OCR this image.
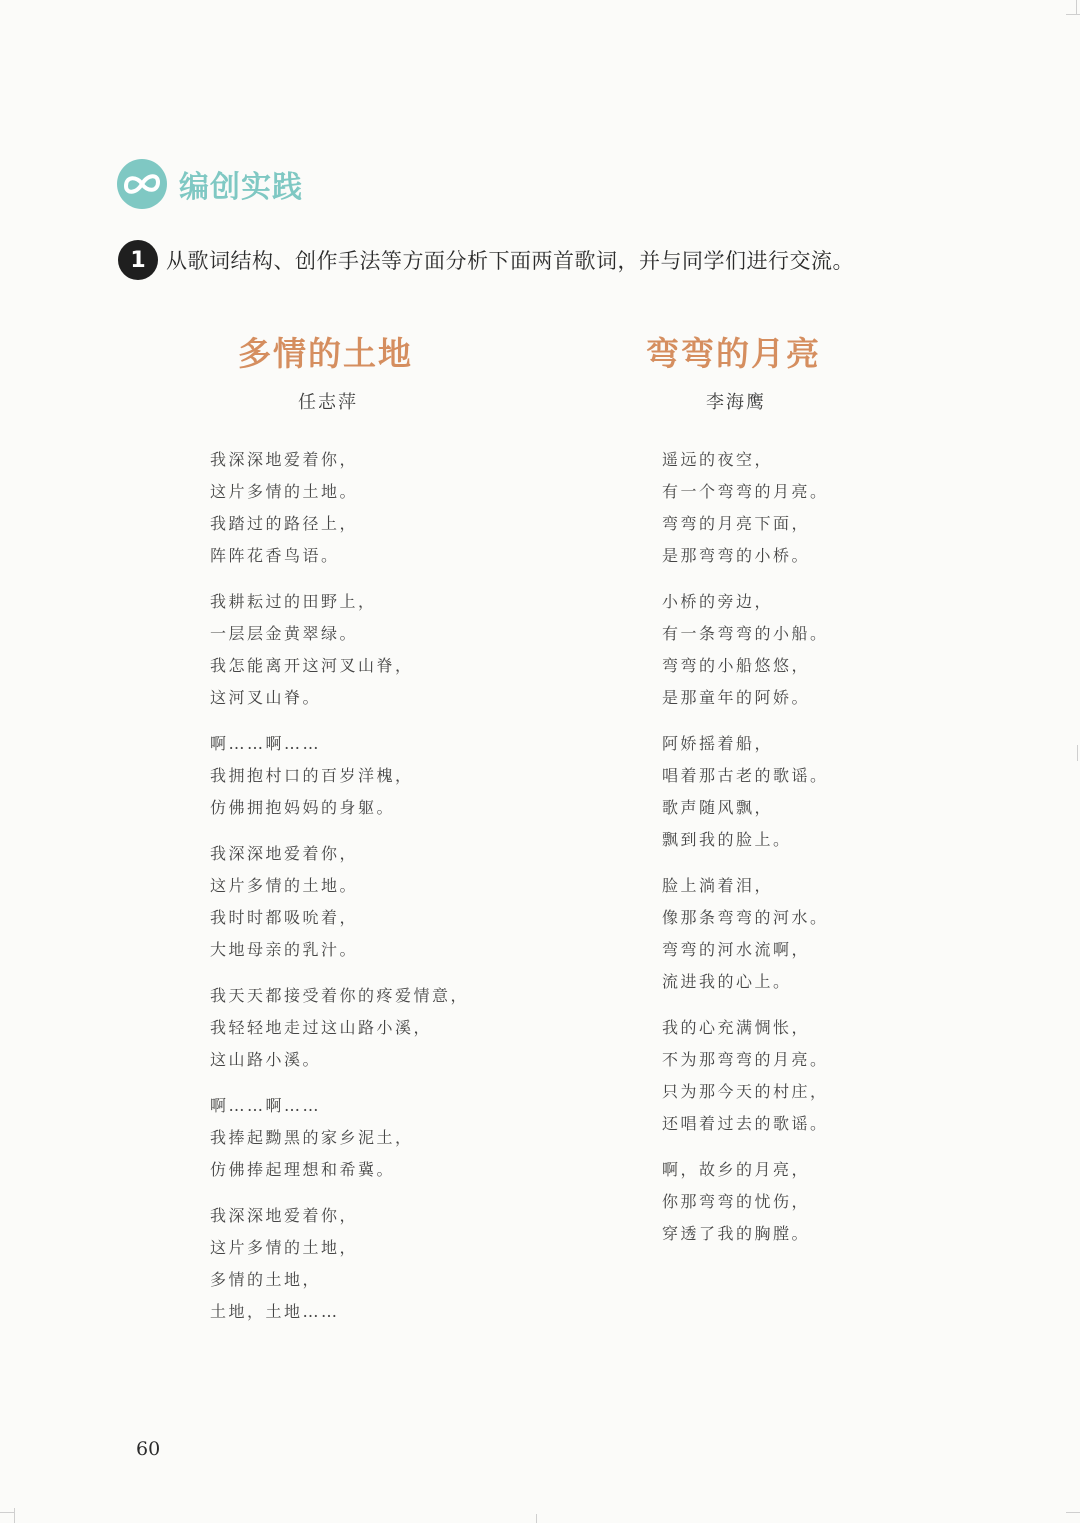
编创实践
1 从歌词结构、创作手法等方面分析下面两首歌词，并与同学们进行交流。
多情的土地
任志萍
我深深地爱着你，
这片多情的土地。
我踏过的路径上，
阵阵花香鸟语。
我耕耘过的田野上，
一层层金黄翠绿。
我怎能离开这河叉山脊，
这河叉山脊。
啊……啊……
我拥抱村口的百岁洋槐，
仿佛拥抱妈妈的身躯。
我深深地爱着你，
这片多情的土地。
我时时都吸吮着，
大地母亲的乳汁。
我天天都接受着你的疼爱情意，
我轻轻地走过这山路小溪，
这山路小溪。
啊……啊……
我捧起黝黑的家乡泥土，
仿佛捧起理想和希冀。
我深深地爱着你，
这片多情的土地，
多情的土地，
土地，土地……
弯弯的月亮
李海鹰
遥远的夜空，
有一个弯弯的月亮。
弯弯的月亮下面，
是那弯弯的小桥。
小桥的旁边，
有一条弯弯的小船。
弯弯的小船悠悠，
是那童年的阿娇。
阿娇摇着船，
唱着那古老的歌谣。
歌声随风飘，
飘到我的脸上。
脸上淌着泪，
像那条弯弯的河水。
弯弯的河水流啊，
流进我的心上。
我的心充满惆怅，
不为那弯弯的月亮。
只为那今天的村庄，
还唱着过去的歌谣。
啊，故乡的月亮，
你那弯弯的忧伤，
穿透了我的胸膛。
60
